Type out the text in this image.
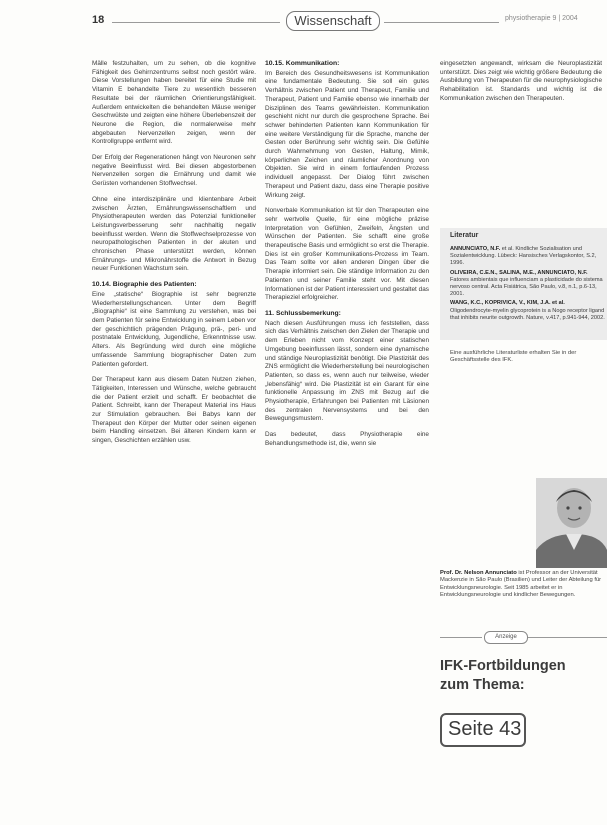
18	Wissenschaft	physiotherapie 9 | 2004

Mälle festzuhalten, um zu sehen, ob die kognitive Fähigkeit des Gehirnzentrums selbst noch gestört wäre. Diese Vorstellungen haben bereitet für eine Studie mit Vitamin E behandelte Tiere zu wesentlich besseren Resultate bei der räumlichen Orientierungsfähigkeit. Außerdem entwickelten die behandelten Mäuse weniger Geschwülste und zeigten eine höhere Überlebenszeit der Neurone die Region, die normalerweise mehr abgebauten Nervenzellen zeigen, wenn der Kontrollgruppe entfernt wird.

Der Erfolg der Regenerationen hängt von Neuronen sehr negative Beeinflusst wird. Bei diesen abgestorbenen Nervenzellen sorgen die Ernährung und damit wie Gerüsten vorhandenen Stoffwechsel.

Ohne eine interdisziplinäre und klientenbare Arbeit zwischen Ärzten, Ernährungswissenschaftlern und Physiotherapeuten werden das Potenzial funktioneller Leistungsverbesserung sehr nachhaltig negativ beeinflusst werden. Wenn die Stoffwechselprozesse von neuropathologischen Patienten in der akuten und chronischen Phase unterstützt werden, können Ernährungs- und Mikronährstoffe die Antwort in Bezug neuer Funktionen Wachstum sein.

10.14. Biographie des Patienten:

Eine „statische“ Biographie ist sehr begrenzte Wiederherstellungschancen. Unter dem Begriff „Biographie“ ist eine Sammlung zu verstehen, was bei dem Patienten für seine Entwicklung in seinem Leben vor der geschichtlich prägenden Prägung, prä-, peri- und postnatale Entwicklung, Jugendliche, Erkenntnisse usw. Alters. Als Begründung wird durch eine mögliche umfassende Sammlung biographischer Daten zum Patienten gefordert.

Der Therapeut kann aus diesem Daten Nutzen ziehen, Tätigkeiten, Interessen und Wünsche, welche gebraucht die der Patient erzielt und schafft. Er beobachtet die Patient. Schreibt, kann der Therapeut Material ins Haus zur Stimulation gebrauchen. Bei Babys kann der Therapeut den Körper der Mutter oder seinen eigenen beim Handling einsetzen. Bei älteren Kindern kann er singen, Geschichten erzählen usw.

10.15. Kommunikation:

Im Bereich des Gesundheitswesens ist Kommunikation eine fundamentale Bedeutung. Sie soll ein gutes Verhältnis zwischen Patient und Therapeut, Familie und Therapeut, Patient und Familie ebenso wie innerhalb der Disziplinen des Teams gewährleisten. Kommunikation geschieht nicht nur durch die gesprochene Sprache. Bei schwer behinderten Patienten kann Kommunikation für eine weitere Verständigung für die Sprache, manche der Gesten oder Berührung sehr wichtig sein. Die Gefühle durch Wahrnehmung von Gesten, Haltung, Mimik, körperlichen Zeichen und räumlicher Anordnung von Objekten. Sie wird in einem fortlaufenden Prozess individuell angepasst. Der Dialog führt zwischen Therapeut und Patient dazu, dass eine Therapie positive Wirkung zeigt.

Nonverbale Kommunikation ist für den Therapeuten eine sehr wertvolle Quelle, für eine mögliche präzise Interpretation von Gefühlen, Zweifeln, Ängsten und Wünschen der Patienten. Sie schafft eine große therapeutische Basis und ermöglicht so erst die Therapie. Dies ist ein großer Kommunikations-Prozess im Team. Das Team sollte vor allen anderen Dingen über die Therapie informiert sein. Die ständige Information zu den Patienten und seiner Familie steht vor. Mit diesen Informationen ist der Patient interessiert und gestaltet das Therapieziel erfolgreicher.

11. Schlussbemerkung:

Nach diesen Ausführungen muss ich feststellen, dass sich das Verhältnis zwischen den Zielen der Therapie und dem Erleben nicht vom Konzept einer statischen Umgebung beeinflussen lässt, sondern eine dynamische und ständige Neuroplastizität benötigt. Die Plastizität des ZNS ermöglicht die Wiederherstellung bei neurologischen Patienten, so dass es, wenn auch nur teilweise, wieder „lebensfähig“ wird. Die Plastizität ist ein Garant für eine funktionelle Anpassung im ZNS mit Bezug auf die Physiotherapie, Erfahrungen bei Patienten mit Läsionen des zentralen Nervensystems und bei den Bewegungsmustern.

Das bedeutet, dass Physiotherapie eine Behandlungsmethode ist, die, wenn sie

eingesetzten angewandt, wirksam die Neuroplastizität unterstützt. Dies zeigt wie wichtig größere Bedeutung die Ausbildung von Therapeuten für die neurophysiologische Rehabilitation ist. Standards und wichtig ist die Kommunikation zwischen den Therapeuten.

Literatur
ANNUNCIATO, N.F. et al. Kindliche Sozialisation und Sozialentwicklung. Lübeck: Hansisches Verlagskontor, S.2, 1996.
OLIVEIRA, C.E.N., SALINA, M.E., ANNUNCIATO, N.F. Fatores ambientais que influenciam a plasticidade do sistema nervoso central. Acta Fisiátrica, São Paulo, v.8, n.1, p.6-13, 2001.
WANG, K.C., KOPRIVICA, V., KIM, J.A. et al. Oligodendrocyte-myelin glycoprotein is a Nogo receptor ligand that inhibits neurite outgrowth. Nature, v.417, p.941-944, 2002.
Eine ausführliche Literaturliste erhalten Sie in der Geschäftsstelle des IFK.
Prof. Dr. Nelson Annunciato ist Professor an der Universität Mackenzie in São Paulo (Brasilien) und Leiter der Abteilung für Entwicklungsneurologie. Seit 1985 arbeitet er in Entwicklungsneurologie und kindlicher Bewegungen.
Anzeige
IFK-Fortbildungen
zum Thema:
Seite 43
